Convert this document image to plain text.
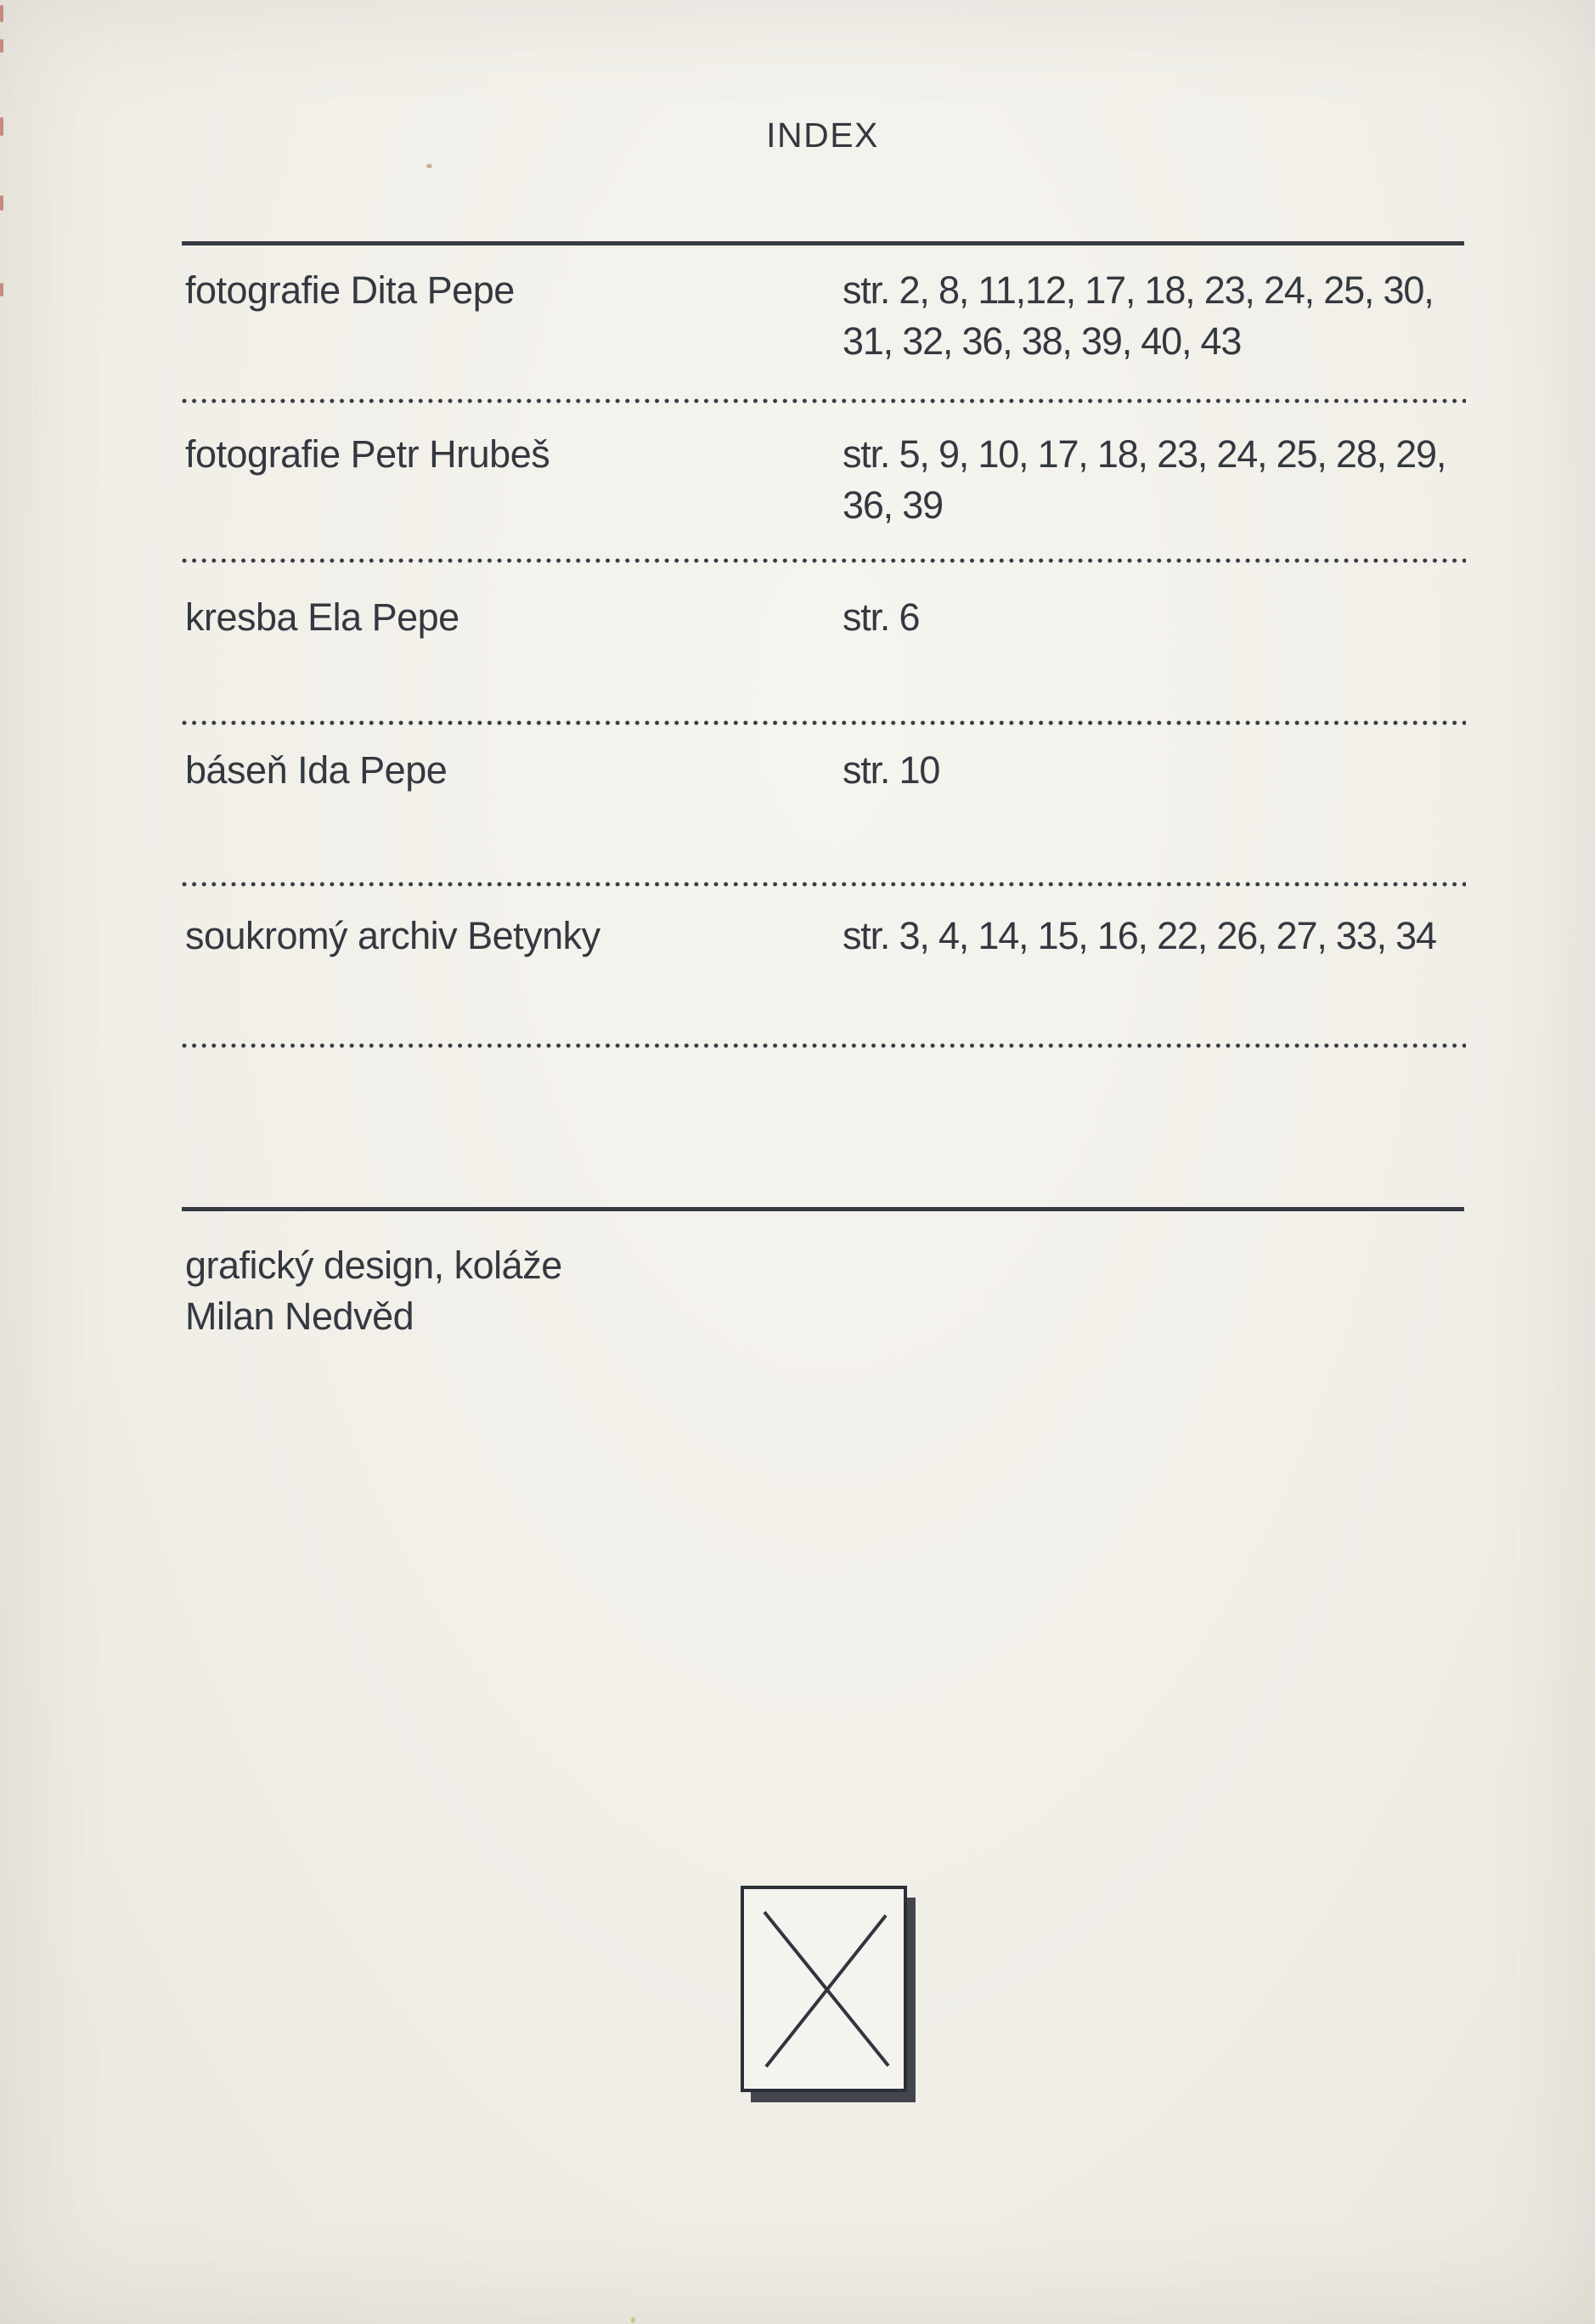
INDEX
fotografie Dita Pepe	str. 2, 8, 11,12, 17, 18, 23, 24, 25, 30,
31, 32, 36, 38, 39, 40, 43
fotografie Petr Hrubeš	str. 5, 9, 10, 17, 18, 23, 24, 25, 28, 29,
36, 39
kresba Ela Pepe	str. 6
báseň Ida Pepe	str. 10
soukromý archiv Betynky	str. 3, 4, 14, 15, 16, 22, 26, 27, 33, 34
grafický design, koláže
Milan Nedvěd
